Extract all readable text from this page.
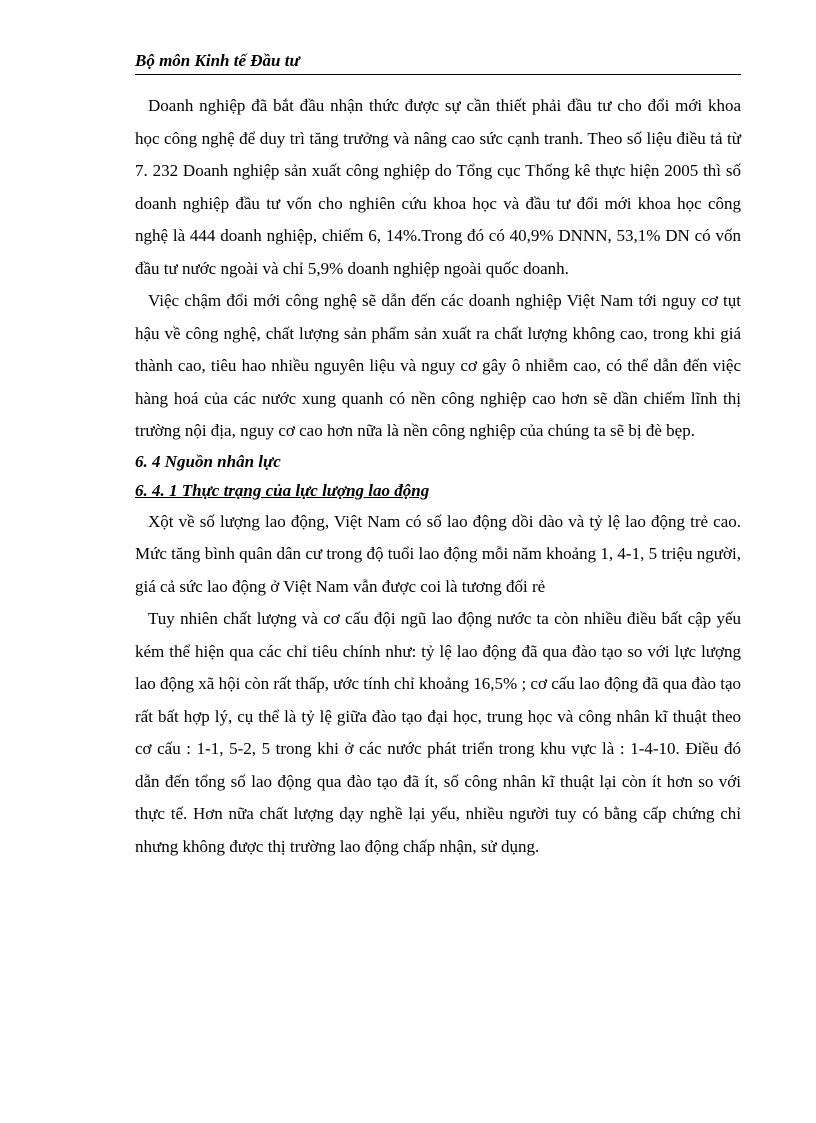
Bộ môn Kinh tế Đầu tư

Doanh nghiệp đã bắt đầu nhận thức được sự cần thiết phải đầu tư cho đổi mới khoa học công nghệ để duy trì tăng trưởng và nâng cao sức cạnh tranh. Theo số liệu điều tả từ 7. 232 Doanh nghiệp sản xuất công nghiệp do Tổng cục Thống kê thực hiện 2005 thì số doanh nghiệp đầu tư vốn cho nghiên cứu khoa học và đầu tư đổi mới khoa học công nghệ là 444 doanh nghiệp, chiếm 6, 14%.Trong đó có 40,9% DNNN, 53,1% DN có vốn đầu tư nước ngoài và chỉ 5,9% doanh nghiệp ngoài quốc doanh.

Việc chậm đổi mới công nghệ sẽ dẫn đến các doanh nghiệp Việt Nam tới nguy cơ tụt hậu về công nghệ, chất lượng sản phẩm sản xuất ra chất lượng không cao, trong khi giá thành cao, tiêu hao nhiều nguyên liệu và nguy cơ gây ô nhiễm cao, có thể dẫn đến việc hàng hoá của các nước xung quanh có nền công nghiệp cao hơn sẽ dần chiếm lĩnh thị trường nội địa, nguy cơ cao hơn nữa là nền công nghiệp của chúng ta sẽ bị đè bẹp.

6. 4 Nguồn nhân lực
6. 4. 1 Thực trạng của lực lượng lao động

Xột về số lượng lao động, Việt Nam có số lao động dồi dào và tỷ lệ lao động trẻ cao. Mức tăng bình quân dân cư trong độ tuổi lao động mỗi năm khoảng 1, 4-1, 5 triệu người, giá cả sức lao động ở Việt Nam vẫn được coi là tương đối rẻ

Tuy nhiên chất lượng và cơ cấu đội ngũ lao động nước ta còn nhiều điều bất cập yếu kém thể hiện qua các chỉ tiêu chính như: tỷ lệ lao động đã qua đào tạo so với lực lượng lao động xã hội còn rất thấp, ước tính chỉ khoảng 16,5% ; cơ cấu lao động đã qua đào tạo rất bất hợp lý, cụ thể là tỷ lệ giữa đào tạo đại học, trung học và công nhân kĩ thuật theo cơ cấu : 1-1, 5-2, 5 trong khi ở các nước phát triển trong khu vực là : 1-4-10. Điều đó dẫn đến tổng số lao động qua đào tạo đã ít, số công nhân kĩ thuật lại còn ít hơn so với thực tế. Hơn nữa chất lượng dạy nghề lại yếu, nhiều người tuy có bằng cấp chứng chỉ nhưng không được thị trường lao động chấp nhận, sử dụng.
